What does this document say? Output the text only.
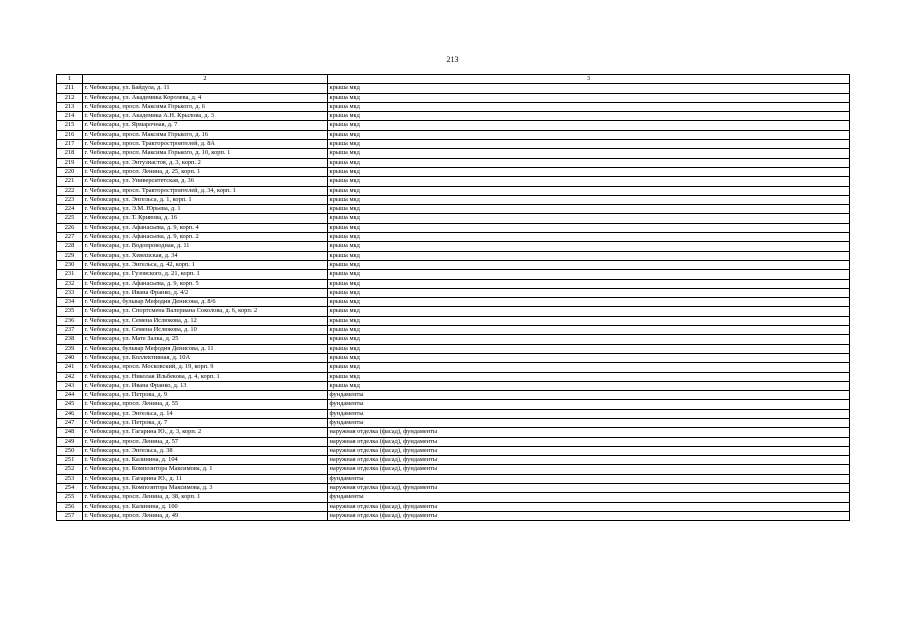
213
1	2	3
211	г. Чебоксары, ул. Байдула, д. 11	крыша мкд
212	г. Чебоксары, ул. Академика Королева, д. 4	крыша мкд
213	г. Чебоксары, просп. Максима Горького, д. 6	крыша мкд
214	г. Чебоксары, ул. Академика А.Н. Крылова, д. 3	крыша мкд
215	г. Чебоксары, ул. Ярмарочная, д. 7	крыша мкд
216	г. Чебоксары, просп. Максима Горького, д. 16	крыша мкд
217	г. Чебоксары, просп. Тракторостроителей, д. 8А	крыша мкд
218	г. Чебоксары, просп. Максима Горького, д. 10, корп. 1	крыша мкд
219	г. Чебоксары, ул. Энтузиастов, д. 3, корп. 2	крыша мкд
220	г. Чебоксары, просп. Ленина, д. 25, корп. 1	крыша мкд
221	г. Чебоксары, ул. Университетская, д. 36	крыша мкд
222	г. Чебоксары, просп. Тракторостроителей, д. 34, корп. 1	крыша мкд
223	г. Чебоксары, ул. Энгельса, д. 1, корп. 1	крыша мкд
224	г. Чебоксары, ул. Э.М. Юрьева, д. 1	крыша мкд
225	г. Чебоксары, ул. Т. Кривова, д. 16	крыша мкд
226	г. Чебоксары, ул. Афанасьева, д. 9, корп. 4	крыша мкд
227	г. Чебоксары, ул. Афанасьева, д. 9, корп. 2	крыша мкд
228	г. Чебоксары, ул. Водопроводная, д. 11	крыша мкд
229	г. Чебоксары, ул. Хевешская, д. 34	крыша мкд
230	г. Чебоксары, ул. Энгельса, д. 42, корп. 1	крыша мкд
231	г. Чебоксары, ул. Гузовского, д. 21, корп. 1	крыша мкд
232	г. Чебоксары, ул. Афанасьева, д. 9, корп. 5	крыша мкд
233	г. Чебоксары, ул. Ивана Франко, д. 4/2	крыша мкд
234	г. Чебоксары, бульвар Мефодия Денисова, д. 8/6	крыша мкд
235	г. Чебоксары, ул. Спортсмена Валериана Соколова, д. 6, корп. 2	крыша мкд
236	г. Чебоксары, ул. Семена Ислюкова, д. 12	крыша мкд
237	г. Чебоксары, ул. Семена Ислюкова, д. 10	крыша мкд
238	г. Чебоксары, ул. Мате Залка, д. 25	крыша мкд
239	г. Чебоксары, бульвар Мефодия Денисова, д. 11	крыша мкд
240	г. Чебоксары, ул. Коллективная, д. 10А	крыша мкд
241	г. Чебоксары, просп. Московский, д. 19, корп. 9	крыша мкд
242	г. Чебоксары, ул. Николая Ильбекова, д. 4, корп. 1	крыша мкд
243	г. Чебоксары, ул. Ивана Франко, д. 13	крыша мкд
244	г. Чебоксары, ул. Петрова, д. 9	фундаменты
245	г. Чебоксары, просп. Ленина, д. 55	фундаменты
246	г. Чебоксары, ул. Энгельса, д. 14	фундаменты
247	г. Чебоксары, ул. Петрова, д. 7	фундаменты
248	г. Чебоксары, ул. Гагарина Ю., д. 3, корп. 2	наружная отделка (фасад), фундаменты
249	г. Чебоксары, просп. Ленина, д. 57	наружная отделка (фасад), фундаменты
250	г. Чебоксары, ул. Энгельса, д. 38	наружная отделка (фасад), фундаменты
251	г. Чебоксары, ул. Калинина, д. 104	наружная отделка (фасад), фундаменты
252	г. Чебоксары, ул. Композитора Максимова, д. 1	наружная отделка (фасад), фундаменты
253	г. Чебоксары, ул. Гагарина Ю., д. 11	фундаменты
254	г. Чебоксары, ул. Композитора Максимова, д. 3	наружная отделка (фасад), фундаменты
255	г. Чебоксары, просп. Ленина, д. 38, корп. 1	фундаменты
256	г. Чебоксары, ул. Калинина, д. 100	наружная отделка (фасад), фундаменты
257	г. Чебоксары, просп. Ленина, д. 49	наружная отделка (фасад), фундаменты
